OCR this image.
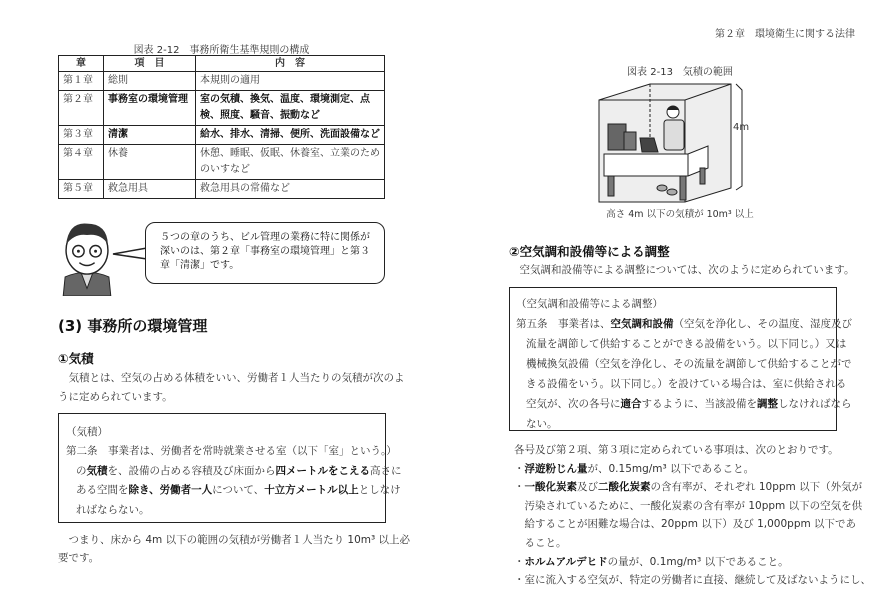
第２章　環境衛生に関する法律
図表 2-12　事務所衛生基準規則の構成
章	項　目	内　容
第１章	総則	本規則の適用
第２章	事務室の環境管理	室の気積、換気、温度、環境測定、点検、照度、騒音、振動など
第３章	清潔	給水、排水、清掃、便所、洗面設備など
第４章	休養	休憩、睡眠、仮眠、休養室、立業のためのいすなど
第５章	救急用具	救急用具の常備など
５つの章のうち、ビル管理の業務に特に関係が深いのは、第２章「事務室の環境管理」と第３章「清潔」です。
(3) 事務所の環境管理
①気積
　気積とは、空気の占める体積をいい、労働者１人当たりの気積が次のよ
うに定められています。
（気積）
第二条　事業者は、労働者を常時就業させる室（以下「室」という。）
の気積を、設備の占める容積及び床面から四メートルをこえる高さに
ある空間を除き、労働者一人について、十立方メートル以上としなけ
ればならない。
　つまり、床から 4m 以下の範囲の気積が労働者１人当たり 10m³ 以上必
要です。
図表 2-13　気積の範囲
4m
高さ 4m 以下の気積が 10m³ 以上
②空気調和設備等による調整
　空気調和設備等による調整については、次のように定められています。
（空気調和設備等による調整）
第五条　事業者は、空気調和設備（空気を浄化し、その温度、湿度及び
流量を調節して供給することができる設備をいう。以下同じ。）又は
機械換気設備（空気を浄化し、その流量を調節して供給することがで
きる設備をいう。以下同じ。）を設けている場合は、室に供給される
空気が、次の各号に適合するように、当該設備を調整しなければなら
ない。
各号及び第２項、第３項に定められている事項は、次のとおりです。
・浮遊粉じん量が、0.15mg/m³ 以下であること。
・一酸化炭素及び二酸化炭素の含有率が、それぞれ 10ppm 以下（外気が
　汚染されているために、一酸化炭素の含有率が 10ppm 以下の空気を供
　給することが困難な場合は、20ppm 以下）及び 1,000ppm 以下であ
　ること。
・ホルムアルデヒドの量が、0.1mg/m³ 以下であること。
・室に流入する空気が、特定の労働者に直接、継続して及ばないようにし、
